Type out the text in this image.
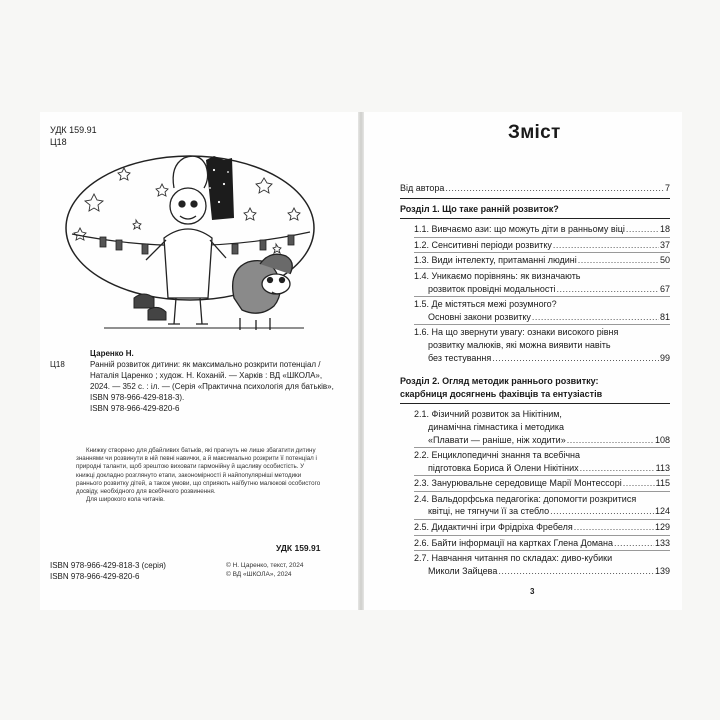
УДК 159.91
Ц18
Царенко Н.
Ц18	Ранній розвиток дитини: як максимально розкрити потенціал / Наталія Царенко ; худож. Н. Коханій. — Харків : ВД «ШКОЛА», 2024. — 352 с. : іл. — (Серія «Практична психологія для батьків», ISBN 978-966-429-818-3).
ISBN 978-966-429-820-6

Книжку створено для дбайливих батьків, які прагнуть не лише збагатити дитину знаннями чи розвинути в ній певні навички, а й максимально розкрити її потенціал і природні таланти, щоб зрештою виховати гармонійну й щасливу особистість. У книжці докладно розглянуто етапи, закономірності й найпопулярніші методики раннього розвитку дітей, а також умови, що сприяють наїбутню малюкові особистого досвіду, необхідного для всебічного розвинення.

Для широкого кола читачів.

УДК 159.91
ISBN 978-966-429-818-3 (серія)
ISBN 978-966-429-820-6
© Н. Царенко, текст, 2024
© ВД «ШКОЛА», 2024
Зміст
Від автора .....	7
Розділ 1. Що таке ранній розвиток?
1.1. Вивчаємо ази: що можуть діти в ранньому віці .....	18
1.2. Сенситивні періоди розвитку .....	37
1.3. Види інтелекту, притаманні людині .....	50
1.4. Уникаємо порівнянь: як визначають
розвиток провідні модальності .....	67
1.5. Де містяться межі розумного?
Основні закони розвитку .....	81
1.6. На що звернути увагу: ознаки високого рівня
розвитку малюків, які можна виявити навіть
без тестування .....	99
Розділ 2. Огляд методик раннього розвитку:
скарбниця досягнень фахівців та ентузіастів
2.1. Фізичний розвиток за Нікітіним,
динамічна гімнастика і методика
«Плавати — раніше, ніж ходити» .....	108
2.2. Енциклопедичні знання та всебічна
підготовка Бориса й Олени Нікітіних .....	113
2.3. Занурювальне середовище Марії Монтессорі .....	115
2.4. Вальдорфська педагогіка: допомогти розкритися
квітці, не тягнучи її за стебло .....	124
2.5. Дидактичні ігри Фрідріха Фребеля .....	129
2.6. Байти інформації на картках Глена Домана .....	133
2.7. Навчання читання по складах: диво-кубики
Миколи Зайцева .....	139
3
